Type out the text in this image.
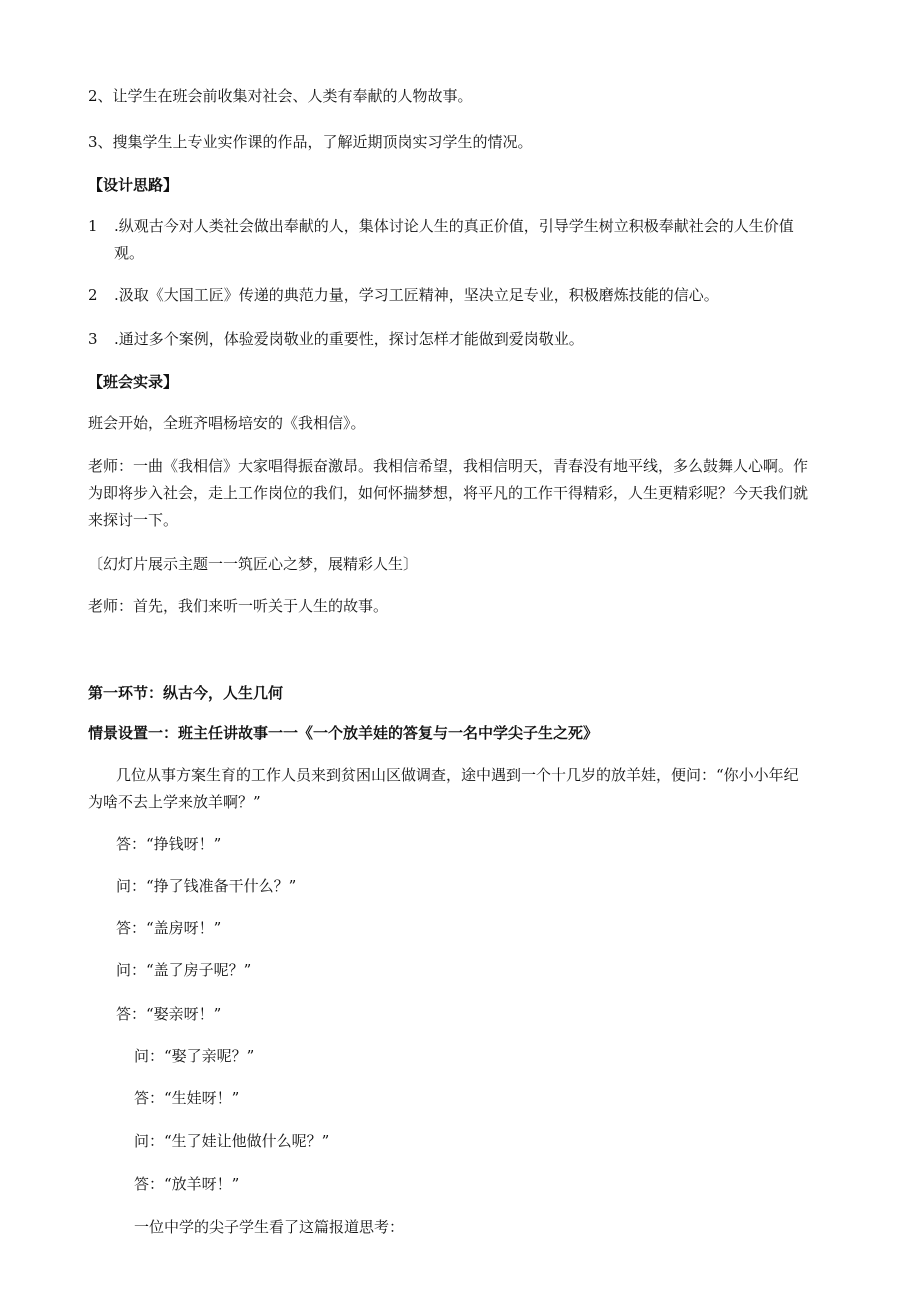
2、让学生在班会前收集对社会、人类有奉献的人物故事。
3、搜集学生上专业实作课的作品，了解近期顶岗实习学生的情况。
【设计思路】
1 .纵观古今对人类社会做出奉献的人，集体讨论人生的真正价值，引导学生树立积极奉献社会的人生价值
观。
2 .汲取《大国工匠》传递的典范力量，学习工匠精神，坚决立足专业，积极磨炼技能的信心。
3 .通过多个案例，体验爱岗敬业的重要性，探讨怎样才能做到爱岗敬业。
【班会实录】
班会开始，全班齐唱杨培安的《我相信》。
老师：一曲《我相信》大家唱得振奋激昂。我相信希望，我相信明天，青春没有地平线，多么鼓舞人心啊。作
为即将步入社会，走上工作岗位的我们，如何怀揣梦想，将平凡的工作干得精彩，人生更精彩呢？今天我们就
来探讨一下。
〔幻灯片展示主题一一筑匠心之梦，展精彩人生〕
老师：首先，我们来听一听关于人生的故事。
第一环节：纵古今，人生几何
情景设置一：班主任讲故事一一《一个放羊娃的答复与一名中学尖子生之死》
几位从事方案生育的工作人员来到贫困山区做调查，途中遇到一个十几岁的放羊娃，便问：“你小小年纪
为啥不去上学来放羊啊？”
答：“挣钱呀！”
问：“挣了钱准备干什么？”
答：“盖房呀！”
问：“盖了房子呢？”
答：“娶亲呀！”
问：“娶了亲呢？”
答：“生娃呀！”
问：“生了娃让他做什么呢？”
答：“放羊呀！”
一位中学的尖子学生看了这篇报道思考：
